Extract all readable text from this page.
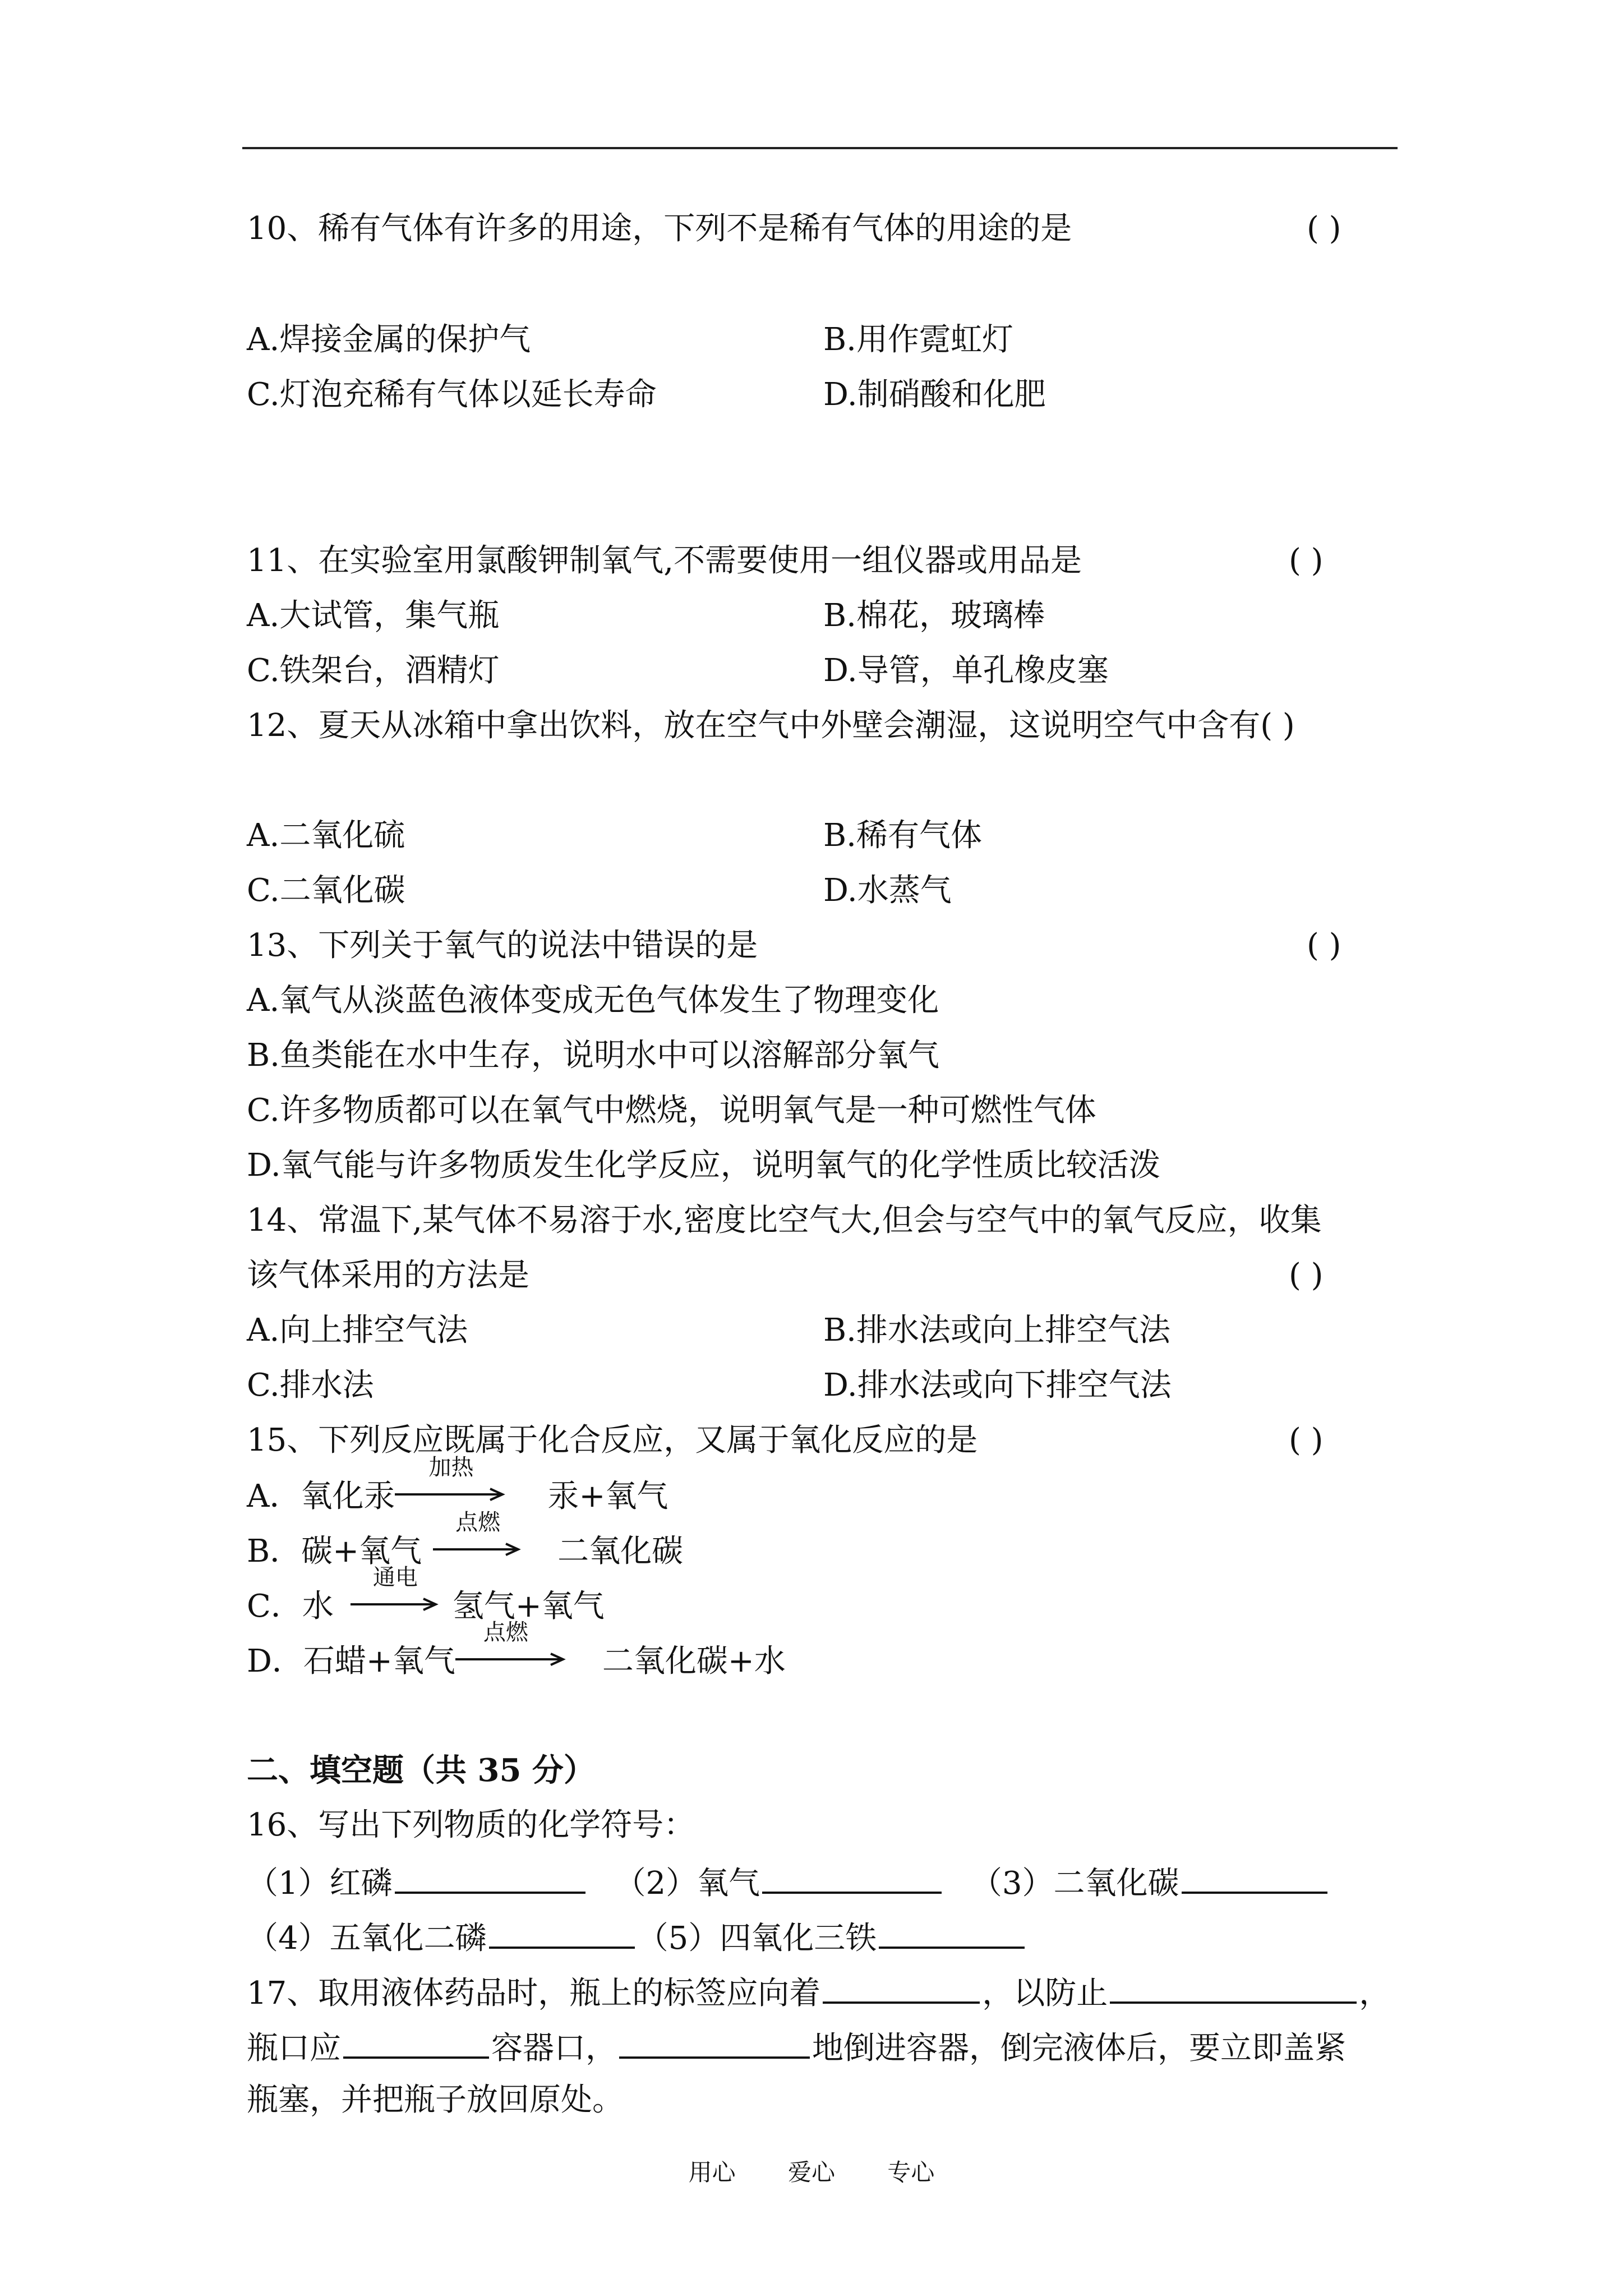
10、稀有气体有许多的用途，下列不是稀有气体的用途的是	( )
A.焊接金属的保护气	B.用作霓虹灯
C.灯泡充稀有气体以延长寿命	D.制硝酸和化肥
11、在实验室用氯酸钾制氧气,不需要使用一组仪器或用品是	( )
A.大试管，集气瓶	B.棉花，玻璃棒
C.铁架台，酒精灯	D.导管，单孔橡皮塞
12、夏天从冰箱中拿出饮料，放在空气中外壁会潮湿，这说明空气中含有( )
A.二氧化硫	B.稀有气体
C.二氧化碳	D.水蒸气
13、下列关于氧气的说法中错误的是	( )
A.氧气从淡蓝色液体变成无色气体发生了物理变化
B.鱼类能在水中生存，说明水中可以溶解部分氧气
C.许多物质都可以在氧气中燃烧，说明氧气是一种可燃性气体
D.氧气能与许多物质发生化学反应，说明氧气的化学性质比较活泼
14、常温下,某气体不易溶于水,密度比空气大,但会与空气中的氧气反应，收集
该气体采用的方法是	( )
A.向上排空气法	B.排水法或向上排空气法
C.排水法	D.排水法或向下排空气法
15、下列反应既属于化合反应，又属于氧化反应的是	( )
A．氧化汞
加热
汞+氧气
B．碳+氧气
点燃
二氧化碳
C．水
通电
氢气+氧气
D．石蜡+氧气
点燃
二氧化碳+水
二、填空题（共 35 分）
16、写出下列物质的化学符号：
（1）红磷	（2）氧气	（3）二氧化碳
（4）五氧化二磷	（5）四氧化三铁
17、取用液体药品时，瓶上的标签应向着	，以防止	，
瓶口应	容器口，	地倒进容器，倒完液体后，要立即盖紧
瓶塞，并把瓶子放回原处。
用心 爱心 专心
